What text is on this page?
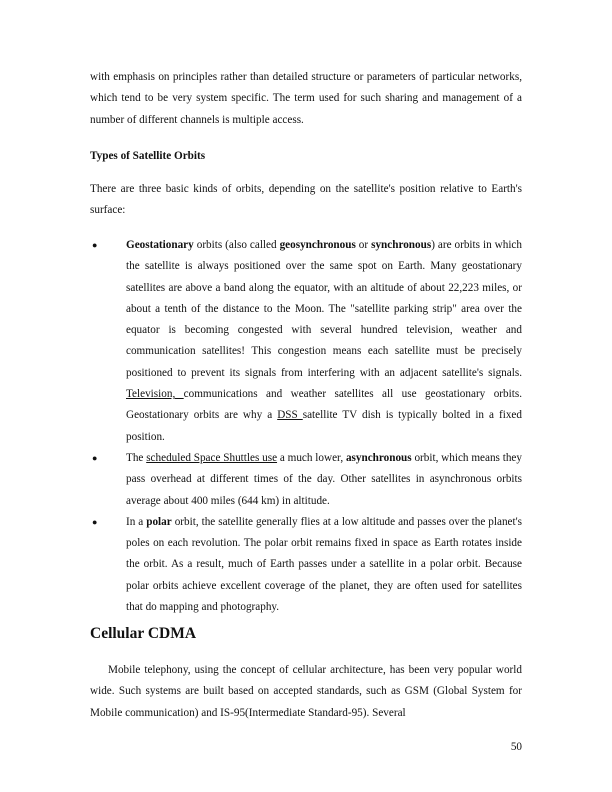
with emphasis on principles rather than detailed structure or parameters of particular networks, which tend to be very system specific. The term used for such sharing and management of a number of different channels is multiple access.

Types of Satellite Orbits

There are three basic kinds of orbits, depending on the satellite's position relative to Earth's surface:

●	Geostationary orbits (also called geosynchronous or synchronous) are orbits in which the satellite is always positioned over the same spot on Earth. Many geostationary satellites are above a band along the equator, with an altitude of about 22,223 miles, or about a tenth of the distance to the Moon. The "satellite parking strip" area over the equator is becoming congested with several hundred television, weather and communication satellites! This congestion means each satellite must be precisely positioned to prevent its signals from interfering with an adjacent satellite's signals. Television, communications and weather satellites all use geostationary orbits. Geostationary orbits are why a DSS satellite TV dish is typically bolted in a fixed position.
●	The scheduled Space Shuttles use a much lower, asynchronous orbit, which means they pass overhead at different times of the day. Other satellites in asynchronous orbits average about 400 miles (644 km) in altitude.
●	In a polar orbit, the satellite generally flies at a low altitude and passes over the planet's poles on each revolution. The polar orbit remains fixed in space as Earth rotates inside the orbit. As a result, much of Earth passes under a satellite in a polar orbit. Because polar orbits achieve excellent coverage of the planet, they are often used for satellites that do mapping and photography.
Cellular CDMA

Mobile telephony, using the concept of cellular architecture, has been very popular world wide. Such systems are built based on accepted standards, such as GSM (Global System for Mobile communication) and IS-95(Intermediate Standard-95). Several

50
